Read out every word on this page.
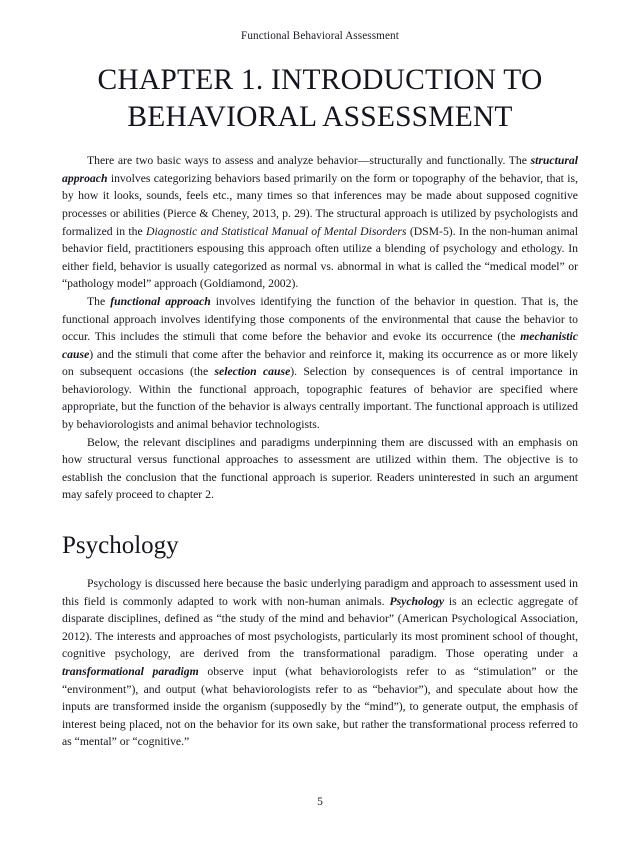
Functional Behavioral Assessment
CHAPTER 1. INTRODUCTION TO
BEHAVIORAL ASSESSMENT

There are two basic ways to assess and analyze behavior—structurally and functionally. The structural approach involves categorizing behaviors based primarily on the form or topography of the behavior, that is, by how it looks, sounds, feels etc., many times so that inferences may be made about supposed cognitive processes or abilities (Pierce & Cheney, 2013, p. 29). The structural approach is utilized by psychologists and formalized in the Diagnostic and Statistical Manual of Mental Disorders (DSM-5). In the non-human animal behavior field, practitioners espousing this approach often utilize a blending of psychology and ethology. In either field, behavior is usually categorized as normal vs. abnormal in what is called the “medical model” or “pathology model” approach (Goldiamond, 2002).

The functional approach involves identifying the function of the behavior in question. That is, the functional approach involves identifying those components of the environmental that cause the behavior to occur. This includes the stimuli that come before the behavior and evoke its occurrence (the mechanistic cause) and the stimuli that come after the behavior and reinforce it, making its occurrence as or more likely on subsequent occasions (the selection cause). Selection by consequences is of central importance in behaviorology. Within the functional approach, topographic features of behavior are specified where appropriate, but the function of the behavior is always centrally important. The functional approach is utilized by behaviorologists and animal behavior technologists.

Below, the relevant disciplines and paradigms underpinning them are discussed with an emphasis on how structural versus functional approaches to assessment are utilized within them. The objective is to establish the conclusion that the functional approach is superior. Readers uninterested in such an argument may safely proceed to chapter 2.

Psychology

Psychology is discussed here because the basic underlying paradigm and approach to assessment used in this field is commonly adapted to work with non-human animals. Psychology is an eclectic aggregate of disparate disciplines, defined as “the study of the mind and behavior” (American Psychological Association, 2012). The interests and approaches of most psychologists, particularly its most prominent school of thought, cognitive psychology, are derived from the transformational paradigm. Those operating under a transformational paradigm observe input (what behaviorologists refer to as “stimulation” or the “environment”), and output (what behaviorologists refer to as “behavior”), and speculate about how the inputs are transformed inside the organism (supposedly by the “mind”), to generate output, the emphasis of interest being placed, not on the behavior for its own sake, but rather the transformational process referred to as “mental” or “cognitive.”

5
